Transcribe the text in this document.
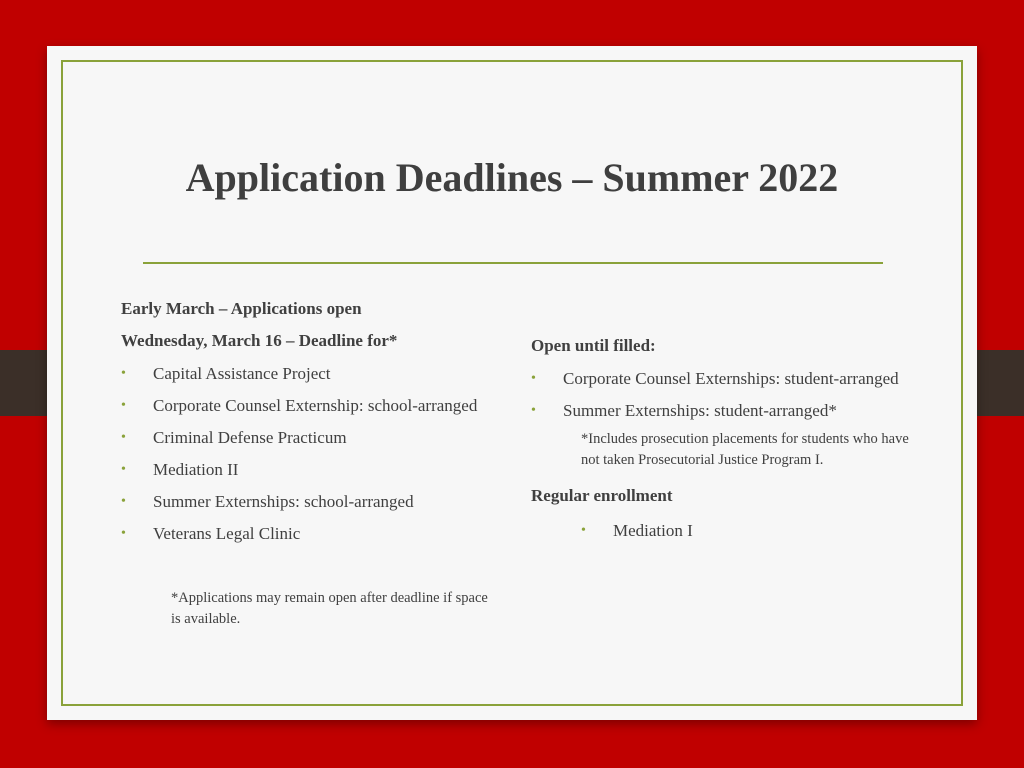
Application Deadlines – Summer 2022

Early March – Applications open

Wednesday, March 16 – Deadline for*

• Capital Assistance Project
• Corporate Counsel Externship: school-arranged
• Criminal Defense Practicum
• Mediation II
• Summer Externships: school-arranged
• Veterans Legal Clinic

*Applications may remain open after deadline if space is available.

Open until filled:

• Corporate Counsel Externships: student-arranged
• Summer Externships: student-arranged*

*Includes prosecution placements for students who have not taken Prosecutorial Justice Program I.

Regular enrollment

• Mediation I
